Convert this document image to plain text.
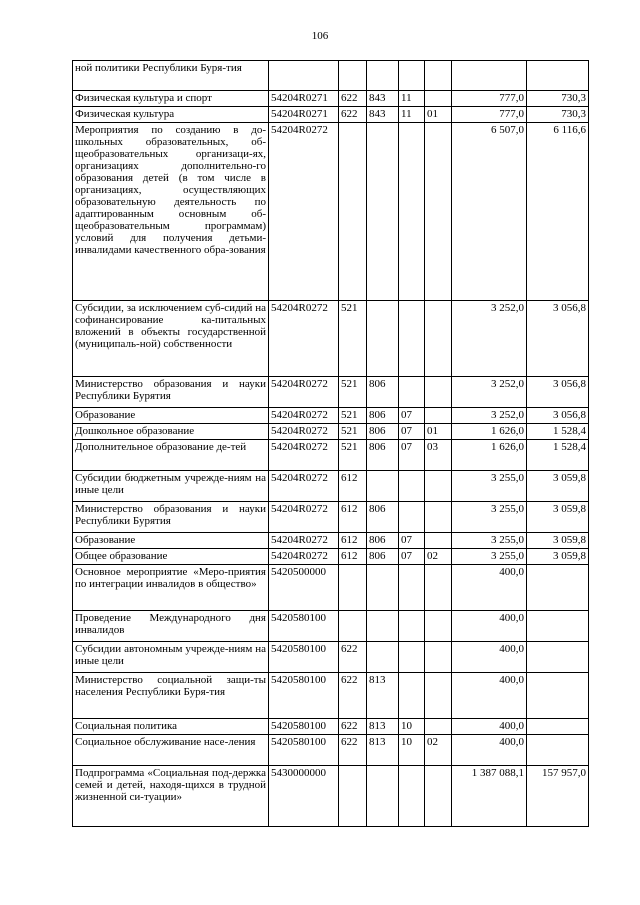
106
ной политики Республики Буря-тия							
Физическая культура и спорт	54204R0271	622	843	11		777,0	730,3
Физическая культура	54204R0271	622	843	11	01	777,0	730,3
Мероприятия по созданию в до-школьных образовательных, об-щеобразовательных организаци-ях, организациях дополнительно-го образования детей (в том числе в организациях, осуществляющих образовательную деятельность по адаптированным основным об-щеобразовательным программам) условий для получения детьми-инвалидами качественного обра-зования	54204R0272					6 507,0	6 116,6
Субсидии, за исключением суб-сидий на софинансирование ка-питальных вложений в объекты государственной (муниципаль-ной) собственности	54204R0272	521				3 252,0	3 056,8
Министерство образования и науки Республики Бурятия	54204R0272	521	806			3 252,0	3 056,8
Образование	54204R0272	521	806	07		3 252,0	3 056,8
Дошкольное образование	54204R0272	521	806	07	01	1 626,0	1 528,4
Дополнительное образование де-тей	54204R0272	521	806	07	03	1 626,0	1 528,4
Субсидии бюджетным учрежде-ниям на иные цели	54204R0272	612				3 255,0	3 059,8
Министерство образования и науки Республики Бурятия	54204R0272	612	806			3 255,0	3 059,8
Образование	54204R0272	612	806	07		3 255,0	3 059,8
Общее образование	54204R0272	612	806	07	02	3 255,0	3 059,8
Основное мероприятие «Меро-приятия по интеграции инвалидов в общество»	5420500000					400,0	
Проведение Международного дня инвалидов	5420580100					400,0	
Субсидии автономным учрежде-ниям на иные цели	5420580100	622				400,0	
Министерство социальной защи-ты населения Республики Буря-тия	5420580100	622	813			400,0	
Социальная политика	5420580100	622	813	10		400,0	
Социальное обслуживание насе-ления	5420580100	622	813	10	02	400,0	
Подпрограмма «Социальная под-держка семей и детей, находя-щихся в трудной жизненной си-туации»	5430000000					1 387 088,1	157 957,0
